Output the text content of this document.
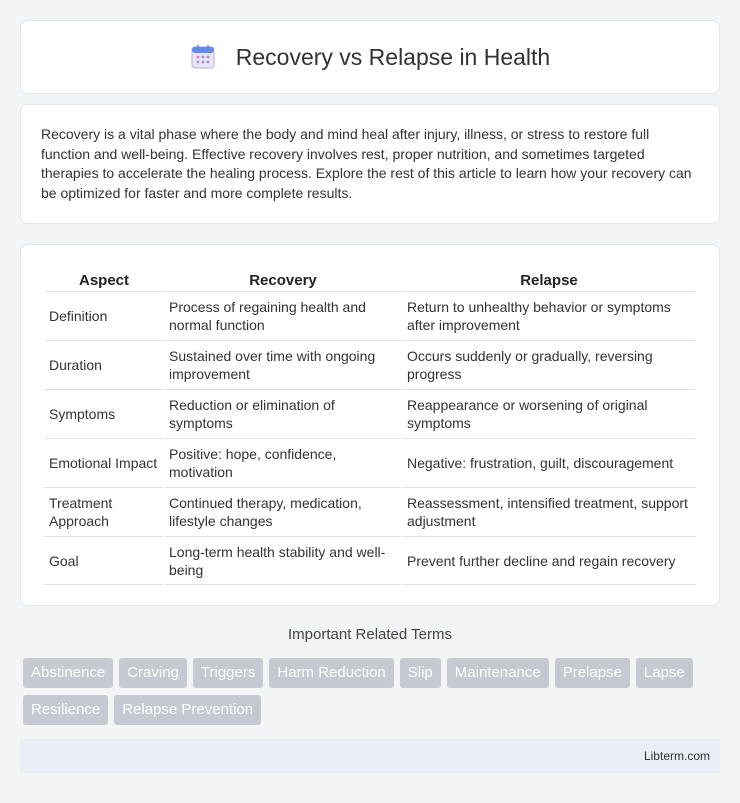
Recovery vs Relapse in Health

Recovery is a vital phase where the body and mind heal after injury, illness, or stress to restore full function and well-being. Effective recovery involves rest, proper nutrition, and sometimes targeted therapies to accelerate the healing process. Explore the rest of this article to learn how your recovery can be optimized for faster and more complete results.

Aspect	Recovery	Relapse
Definition	Process of regaining health and normal function	Return to unhealthy behavior or symptoms after improvement
Duration	Sustained over time with ongoing improvement	Occurs suddenly or gradually, reversing progress
Symptoms	Reduction or elimination of symptoms	Reappearance or worsening of original symptoms
Emotional Impact	Positive: hope, confidence, motivation	Negative: frustration, guilt, discouragement
Treatment Approach	Continued therapy, medication, lifestyle changes	Reassessment, intensified treatment, support adjustment
Goal	Long-term health stability and well-being	Prevent further decline and regain recovery
Important Related Terms
Abstinence	Craving	Triggers	Harm Reduction	Slip	Maintenance	Prelapse	Lapse
Resilience	Relapse Prevention
Libterm.com
